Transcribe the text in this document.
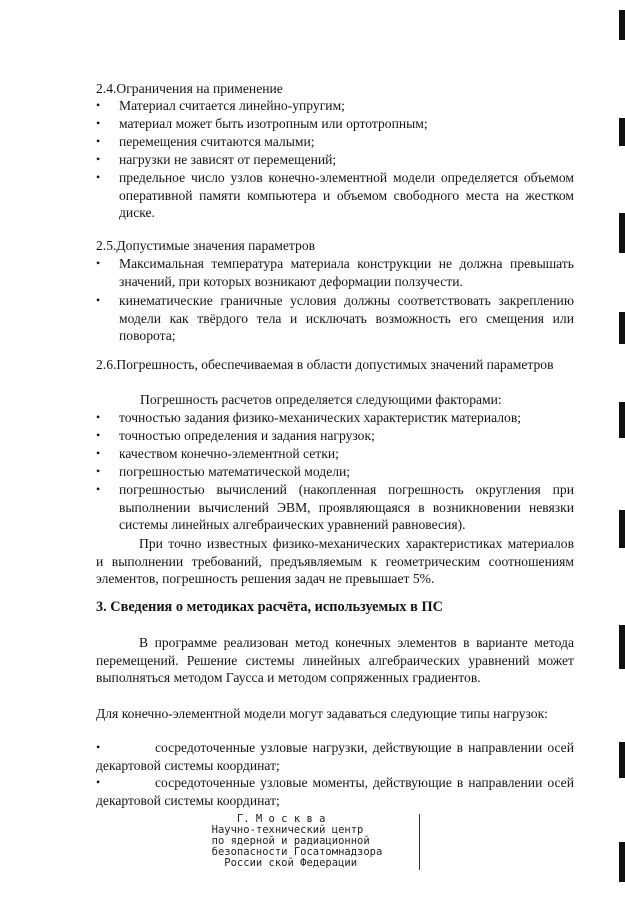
2.4.Ограничения на применение

• Материал считается линейно-упругим;

• материал может быть изотропным или ортотропным;

• перемещения считаются малыми;

• нагрузки не зависят от перемещений;

• предельное число узлов конечно-элементной модели определяется объемом оперативной памяти компьютера и объемом свободного места на жестком диске.

2.5.Допустимые значения параметров

• Максимальная температура материала конструкции не должна превышать значений, при которых возникают деформации ползучести.

• кинематические граничные условия должны соответствовать закреплению модели как твёрдого тела и исключать возможность его смещения или поворота;

2.6.Погрешность, обеспечиваемая в области допустимых значений параметров

Погрешность расчетов определяется следующими факторами:

• точностью задания физико-механических характеристик материалов;

• точностью определения и задания нагрузок;

• качеством конечно-элементной сетки;

• погрешностью математической модели;

• погрешностью вычислений (накопленная погрешность округления при выполнении вычислений ЭВМ, проявляющаяся в возникновении невязки системы линейных алгебраических уравнений равновесия).

При точно известных физико-механических характеристиках материалов и выполнении требований, предъявляемым к геометрическим соотношениям элементов, погрешность решения задач не превышает 5%.

3. Сведения о методиках расчёта, используемых в ПС

В программе реализован метод конечных элементов в варианте метода перемещений. Решение системы линейных алгебраических уравнений может выполняться методом Гаусса и методом сопряженных градиентов.

Для конечно-элементной модели могут задаваться следующие типы нагрузок:

•	сосредоточенные узловые нагрузки, действующие в направлении осей декартовой системы координат;

•	сосредоточенные узловые моменты, действующие в направлении осей декартовой системы координат;

Г. М о с к в а
Научно-технический центр
по ядерной и радиационной
безопасности Госатомнадзора
России ской Федерации
